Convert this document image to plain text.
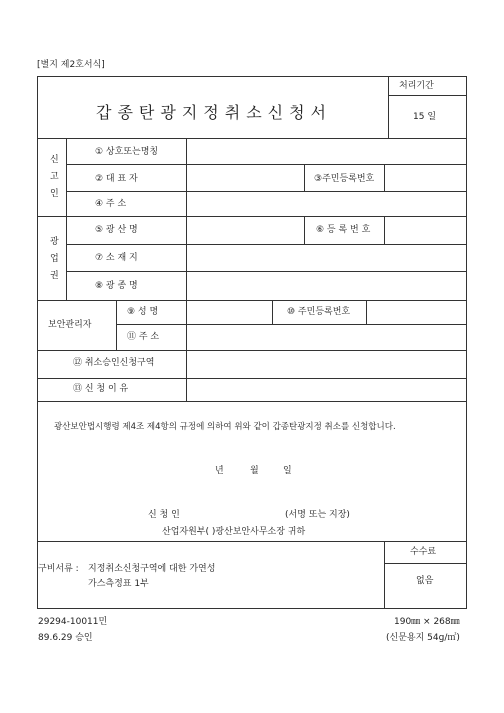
[별지 제2호서식]
갑종탄광지정취소신청서
처리기간
15 일
신
고
인
① 상호또는명칭
② 대 표 자	③주민등록번호
④ 주 소
광
업
권
⑤ 광 산 명	⑥ 등 록 번 호
⑦ 소 재 지
⑧ 광 종 명
보안관리자
⑨ 성 명	⑩ 주민등록번호
⑪ 주 소
⑫ 취소승인신청구역
⑬ 신 청 이 유
광산보안법시행령 제4조 제4항의 규정에 의하여 위와 같이 갑종탄광지정 취소를 신청합니다.
년	월	일
신 청 인	(서명 또는 지장)
산업자원부( )광산보안사무소장 귀하
구비서류 : 지정취소신청구역에 대한 가연성
가스측정표 1부
수수료
없음
29294-10011민
89.6.29 승인
190㎜ × 268㎜
(신문용지 54g/㎡)
